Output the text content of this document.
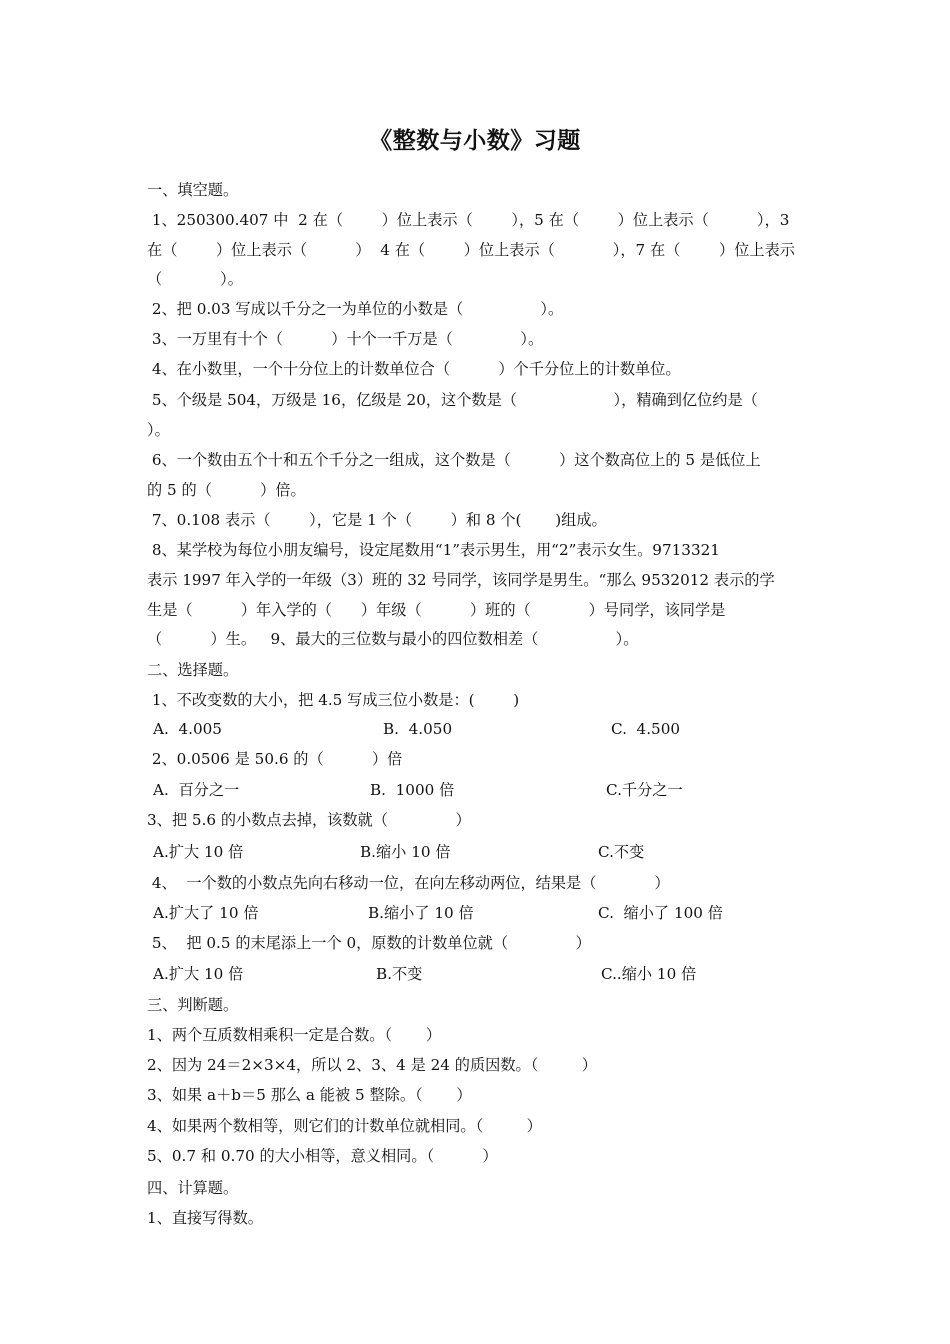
《整数与小数》习题
一、填空题。
1、250300.407 中  2 在（        ）位上表示（        ），5 在（        ）位上表示（          ），3
在（        ）位上表示（          ）  4 在（        ）位上表示（            ），7 在（        ）位上表示
（            ）。
2、把 0.03 写成以千分之一为单位的小数是（                ）。
3、一万里有十个（          ）十个一千万是（              ）。
4、在小数里，一个十分位上的计数单位合（          ）个千分位上的计数单位。
5、个级是 504，万级是 16，亿级是 20，这个数是（                    ），精确到亿位约是（
）。
6、一个数由五个十和五个千分之一组成，这个数是（          ）这个数高位上的 5 是低位上
的 5 的（          ）倍。
7、0.108 表示（        ），它是 1 个（        ）和 8 个(       )组成。
8、某学校为每位小朋友编号，设定尾数用“1”表示男生，用“2”表示女生。9713321
表示 1997 年入学的一年级（3）班的 32 号同学，该同学是男生。“那么 9532012 表示的学
生是（          ）年入学的（      ）年级（          ）班的（            ）号同学，该同学是
（          ）生。   9、最大的三位数与最小的四位数相差（                ）。
二、选择题。
1、不改变数的大小，把 4.5 写成三位小数是：(        )
A.  4.005	B.  4.050	C.  4.500
2、0.0506 是 50.6 的（          ）倍
A.  百分之一	B.  1000 倍	C.千分之一
3、把 5.6 的小数点去掉，该数就（              ）
A.扩大 10 倍	B.缩小 10 倍	C.不变
4、  一个数的小数点先向右移动一位，在向左移动两位，结果是（            ）
A.扩大了 10 倍	B.缩小了 10 倍	C.  缩小了 100 倍
5、  把 0.5 的末尾添上一个 0，原数的计数单位就（              ）
A.扩大 10 倍	B.不变	C..缩小 10 倍
三、判断题。
1、两个互质数相乘积一定是合数。（       ）
2、因为 24＝2×3×4，所以 2、3、4 是 24 的质因数。（         ）
3、如果 a＋b＝5 那么 a 能被 5 整除。（       ）
4、如果两个数相等，则它们的计数单位就相同。（         ）
5、0.7 和 0.70 的大小相等，意义相同。（          ）
四、计算题。
1、直接写得数。
